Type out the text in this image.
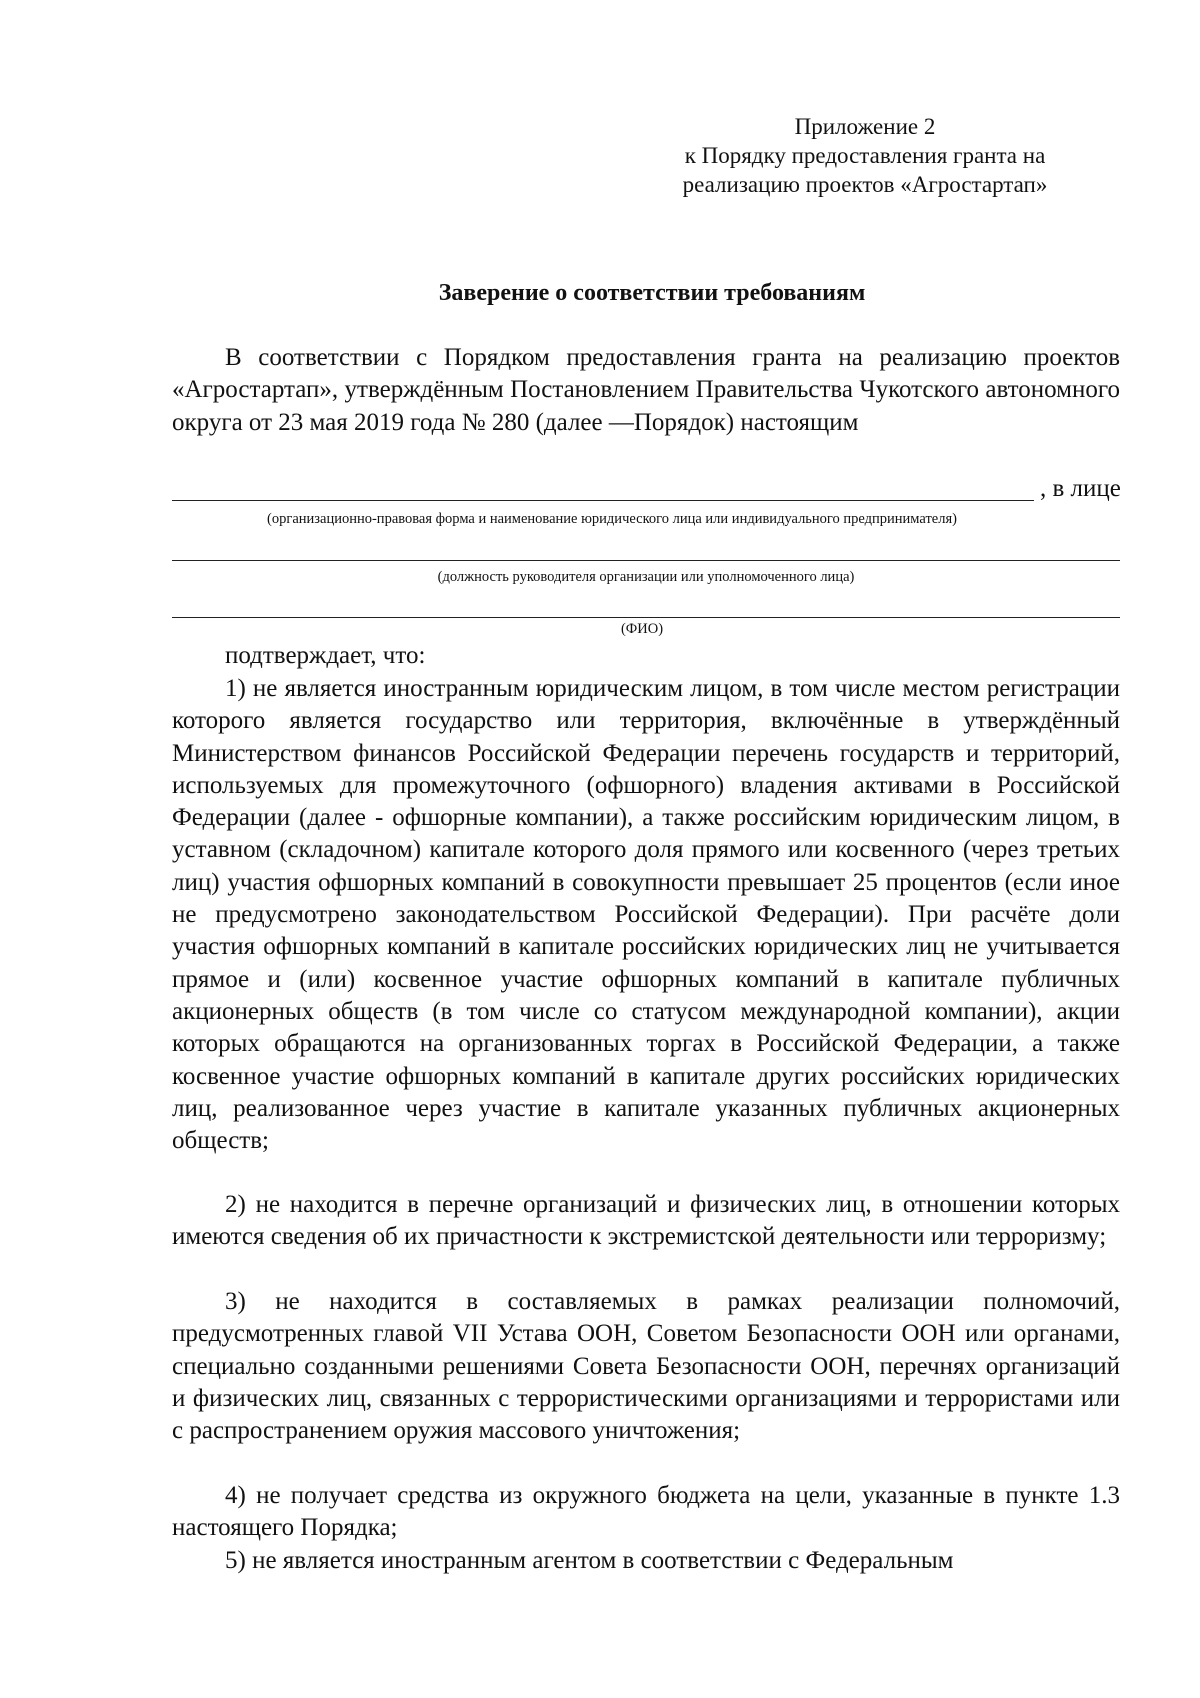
Приложение 2
к Порядку предоставления гранта на
реализацию проектов «Агростартап»
Заверение о соответствии требованиям
В соответствии с Порядком предоставления гранта на реализацию проектов «Агростартап», утверждённым Постановлением Правительства Чукотского автономного округа от 23 мая 2019 года № 280 (далее —Порядок) настоящим
, в лице
(организационно-правовая форма и наименование юридического лица или индивидуального предпринимателя)
(должность руководителя организации или уполномоченного лица)
(ФИО)
подтверждает, что:
1) не является иностранным юридическим лицом, в том числе местом регистрации которого является государство или территория, включённые в утверждённый Министерством финансов Российской Федерации перечень государств и территорий, используемых для промежуточного (офшорного) владения активами в Российской Федерации (далее - офшорные компании), а также российским юридическим лицом, в уставном (складочном) капитале которого доля прямого или косвенного (через третьих лиц) участия офшорных компаний в совокупности превышает 25 процентов (если иное не предусмотрено законодательством Российской Федерации). При расчёте доли участия офшорных компаний в капитале российских юридических лиц не учитывается прямое и (или) косвенное участие офшорных компаний в капитале публичных акционерных обществ (в том числе со статусом международной компании), акции которых обращаются на организованных торгах в Российской Федерации, а также косвенное участие офшорных компаний в капитале других российских юридических лиц, реализованное через участие в капитале указанных публичных акционерных обществ;
2) не находится в перечне организаций и физических лиц, в отношении которых имеются сведения об их причастности к экстремистской деятельности или терроризму;
3) не находится в составляемых в рамках реализации полномочий, предусмотренных главой VII Устава ООН, Советом Безопасности ООН или органами, специально созданными решениями Совета Безопасности ООН, перечнях организаций и физических лиц, связанных с террористическими организациями и террористами или с распространением оружия массового уничтожения;
4) не получает средства из окружного бюджета на цели, указанные в пункте 1.3 настоящего Порядка;
5) не является иностранным агентом в соответствии с Федеральным
